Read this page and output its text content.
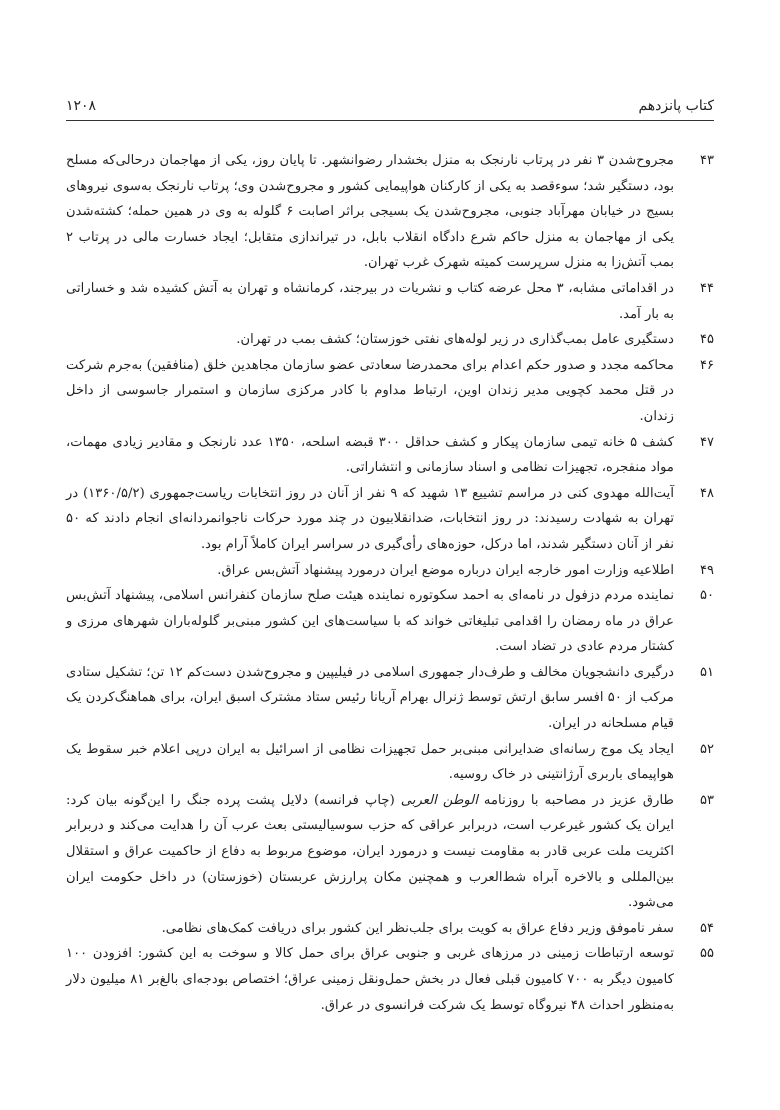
۱۲۰۸	کتاب پانزدهم
۴۳
مجروح‌شدن ۳ نفر در پرتاب نارنجک به منزل بخشدار رضوانشهر. تا پایان روز، یکی از مهاجمان درحالی‌که مسلح بود، دستگیر شد؛ سوءقصد به یکی از کارکنان هواپیمایی کشور و مجروح‌شدن وی؛ پرتاب نارنجک به‌سوی نیروهای بسیج در خیابان مهرآباد جنوبی، مجروح‌شدن یک بسیجی براثر اصابت ۶ گلوله به وی در همین حمله؛ کشته‌شدن یکی از مهاجمان به منزل حاکم شرع دادگاه انقلاب بابل، در تیراندازی متقابل؛ ایجاد خسارت مالی در پرتاب ۲ بمب آتش‌زا به منزل سرپرست کمیته شهرک غرب تهران.
۴۴
در اقداماتی مشابه، ۳ محل عرضه کتاب و نشریات در بیرجند، کرمانشاه و تهران به آتش کشیده شد و خساراتی به بار آمد.
۴۵
دستگیری عامل بمب‌گذاری در زیر لوله‌های نفتی خوزستان؛ کشف بمب در تهران.
۴۶
محاکمه مجدد و صدور حکم اعدام برای محمدرضا سعادتی عضو سازمان مجاهدین خلق (منافقین) به‌جرم شرکت در قتل محمد کچویی مدیر زندان اوین، ارتباط مداوم با کادر مرکزی سازمان و استمرار جاسوسی از داخل زندان.
۴۷
کشف ۵ خانه تیمی سازمان پیکار و کشف حداقل ۳۰۰ قبضه اسلحه، ۱۳۵۰ عدد نارنجک و مقادیر زیادی مهمات، مواد منفجره، تجهیزات نظامی و اسناد سازمانی و انتشاراتی.
۴۸
آیت‌الله مهدوی کنی در مراسم تشییع ۱۳ شهید که ۹ نفر از آنان در روز انتخابات ریاست‌جمهوری (۱۳۶۰/۵/۲) در تهران به شهادت رسیدند: در روز انتخابات، ضدانقلابیون در چند مورد حرکات ناجوانمردانه‌ای انجام دادند که ۵۰ نفر از آنان دستگیر شدند، اما درکل، حوزه‌های رأی‌گیری در سراسر ایران کاملاً آرام بود.
۴۹
اطلاعیه وزارت امور خارجه ایران درباره موضع ایران درمورد پیشنهاد آتش‌بس عراق.
۵۰
نماینده مردم دزفول در نامه‌ای به احمد سکوتوره نماینده هیئت صلح سازمان کنفرانس اسلامی، پیشنهاد آتش‌بس عراق در ماه رمضان را اقدامی تبلیغاتی خواند که با سیاست‌های این کشور مبنی‌بر گلوله‌باران شهرهای مرزی و کشتار مردم عادی در تضاد است.
۵۱
درگیری دانشجویان مخالف و طرف‌دار جمهوری اسلامی در فیلیپین و مجروح‌شدن دست‌کم ۱۲ تن؛ تشکیل ستادی مرکب از ۵۰ افسر سابق ارتش توسط ژنرال بهرام آریانا رئیس ستاد مشترک اسبق ایران، برای هماهنگ‌کردن یک قیام مسلحانه در ایران.
۵۲
ایجاد یک موج رسانه‌ای ضدایرانی مبنی‌بر حمل تجهیزات نظامی از اسرائیل به ایران درپی اعلام خبر سقوط یک هواپیمای باربری آرژانتینی در خاک روسیه.
۵۳
طارق عزیز در مصاحبه با روزنامه الوطن العربی (چاپ فرانسه) دلایل پشت پرده جنگ را این‌گونه بیان کرد: ایران یک کشور غیرعرب است، دربرابر عراقی که حزب سوسیالیستی بعث عرب آن را هدایت می‌کند و دربرابر اکثریت ملت عربی قادر به مقاومت نیست و درمورد ایران، موضوع مربوط به دفاع از حاکمیت عراق و استقلال بین‌المللی و بالاخره آبراه شط‌العرب و همچنین مکان پرارزش عربستان (خوزستان) در داخل حکومت ایران می‌شود.
۵۴
سفر ناموفق وزیر دفاع عراق به کویت برای جلب‌نظر این کشور برای دریافت کمک‌های نظامی.
۵۵
توسعه ارتباطات زمینی در مرزهای غربی و جنوبی عراق برای حمل کالا و سوخت به این کشور: افزودن ۱۰۰ کامیون دیگر به ۷۰۰ کامیون قبلی فعال در بخش حمل‌ونقل زمینی عراق؛ اختصاص بودجه‌ای بالغ‌بر ۸۱ میلیون دلار به‌منظور احداث ۴۸ نیروگاه توسط یک شرکت فرانسوی در عراق.
